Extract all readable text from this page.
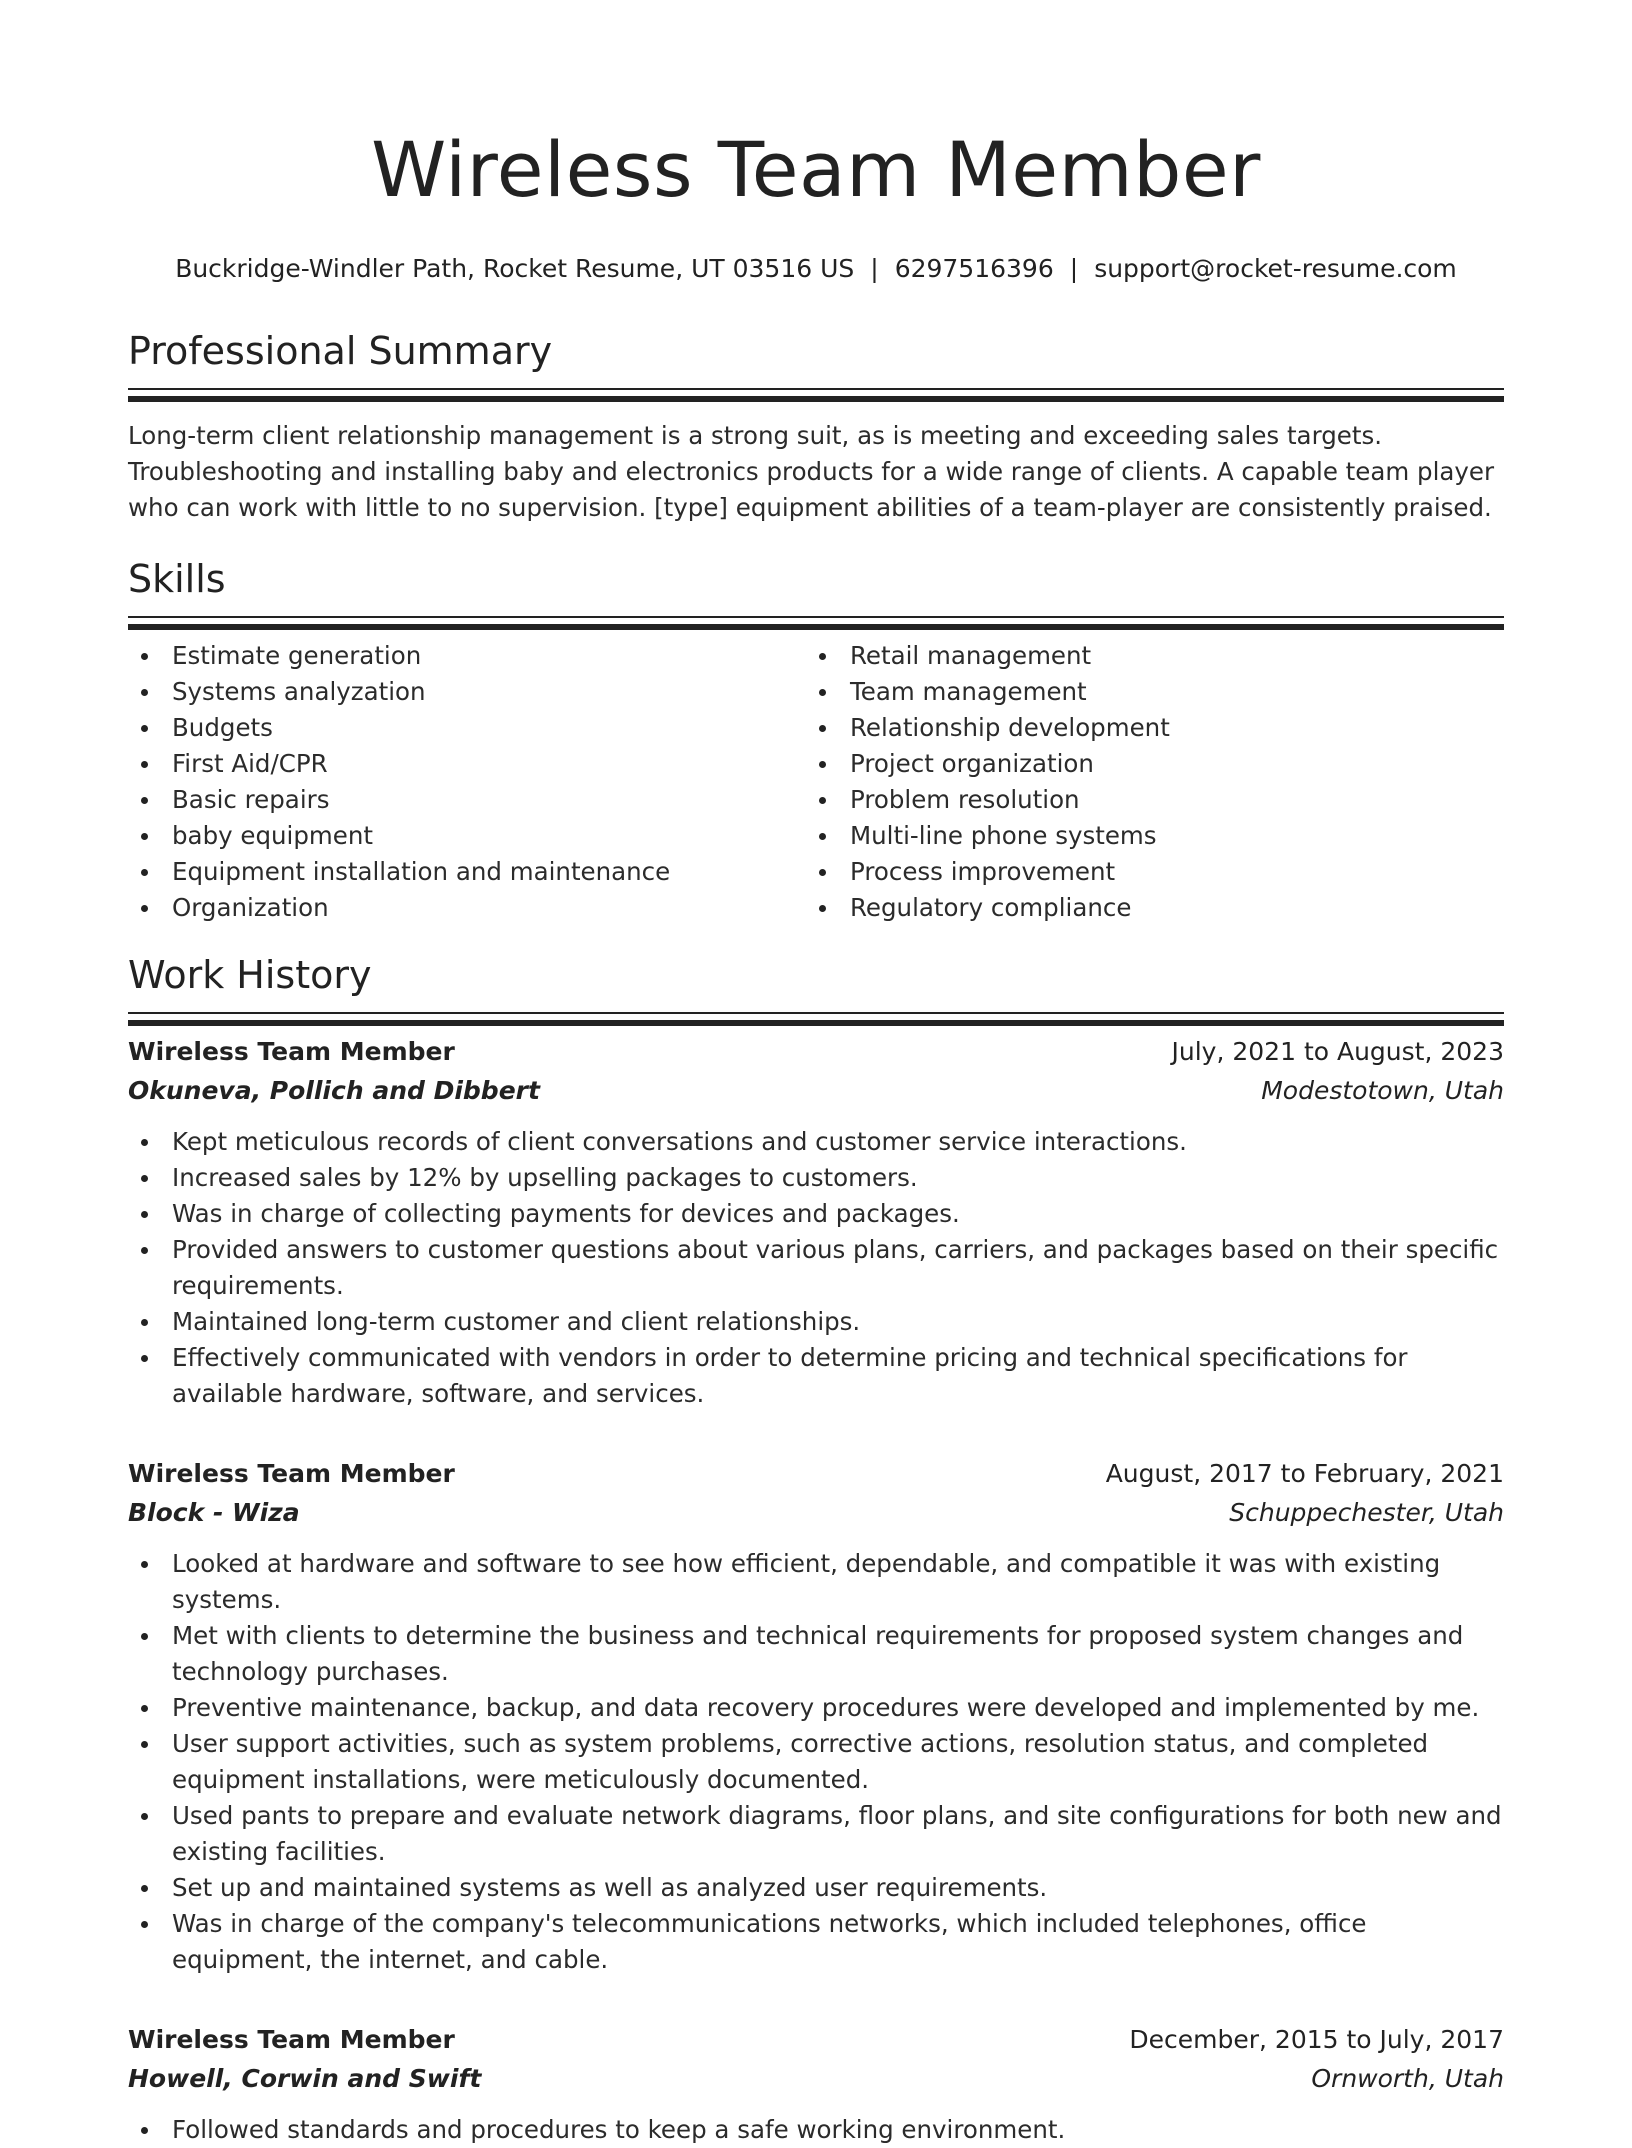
Wireless Team Member
Buckridge-Windler Path, Rocket Resume, UT 03516 US | 6297516396 | support@rocket-resume.com
Professional Summary

Long-term client relationship management is a strong suit, as is meeting and exceeding sales targets. Troubleshooting and installing baby and electronics products for a wide range of clients. A capable team player who can work with little to no supervision. [type] equipment abilities of a team-player are consistently praised.

Skills
Estimate generation
Systems analyzation
Budgets
First Aid/CPR
Basic repairs
baby equipment
Equipment installation and maintenance
Organization
Retail management
Team management
Relationship development
Project organization
Problem resolution
Multi-line phone systems
Process improvement
Regulatory compliance
Work History
Wireless Team Member	July, 2021 to August, 2023
Okuneva, Pollich and Dibbert	Modestotown, Utah
Kept meticulous records of client conversations and customer service interactions.
Increased sales by 12% by upselling packages to customers.
Was in charge of collecting payments for devices and packages.
Provided answers to customer questions about various plans, carriers, and packages based on their specific requirements.
Maintained long-term customer and client relationships.
Effectively communicated with vendors in order to determine pricing and technical specifications for available hardware, software, and services.
Wireless Team Member	August, 2017 to February, 2021
Block - Wiza	Schuppechester, Utah
Looked at hardware and software to see how efficient, dependable, and compatible it was with existing systems.
Met with clients to determine the business and technical requirements for proposed system changes and technology purchases.
Preventive maintenance, backup, and data recovery procedures were developed and implemented by me.
User support activities, such as system problems, corrective actions, resolution status, and completed equipment installations, were meticulously documented.
Used pants to prepare and evaluate network diagrams, floor plans, and site configurations for both new and existing facilities.
Set up and maintained systems as well as analyzed user requirements.
Was in charge of the company's telecommunications networks, which included telephones, office equipment, the internet, and cable.
Wireless Team Member	December, 2015 to July, 2017
Howell, Corwin and Swift	Ornworth, Utah
Followed standards and procedures to keep a safe working environment.
